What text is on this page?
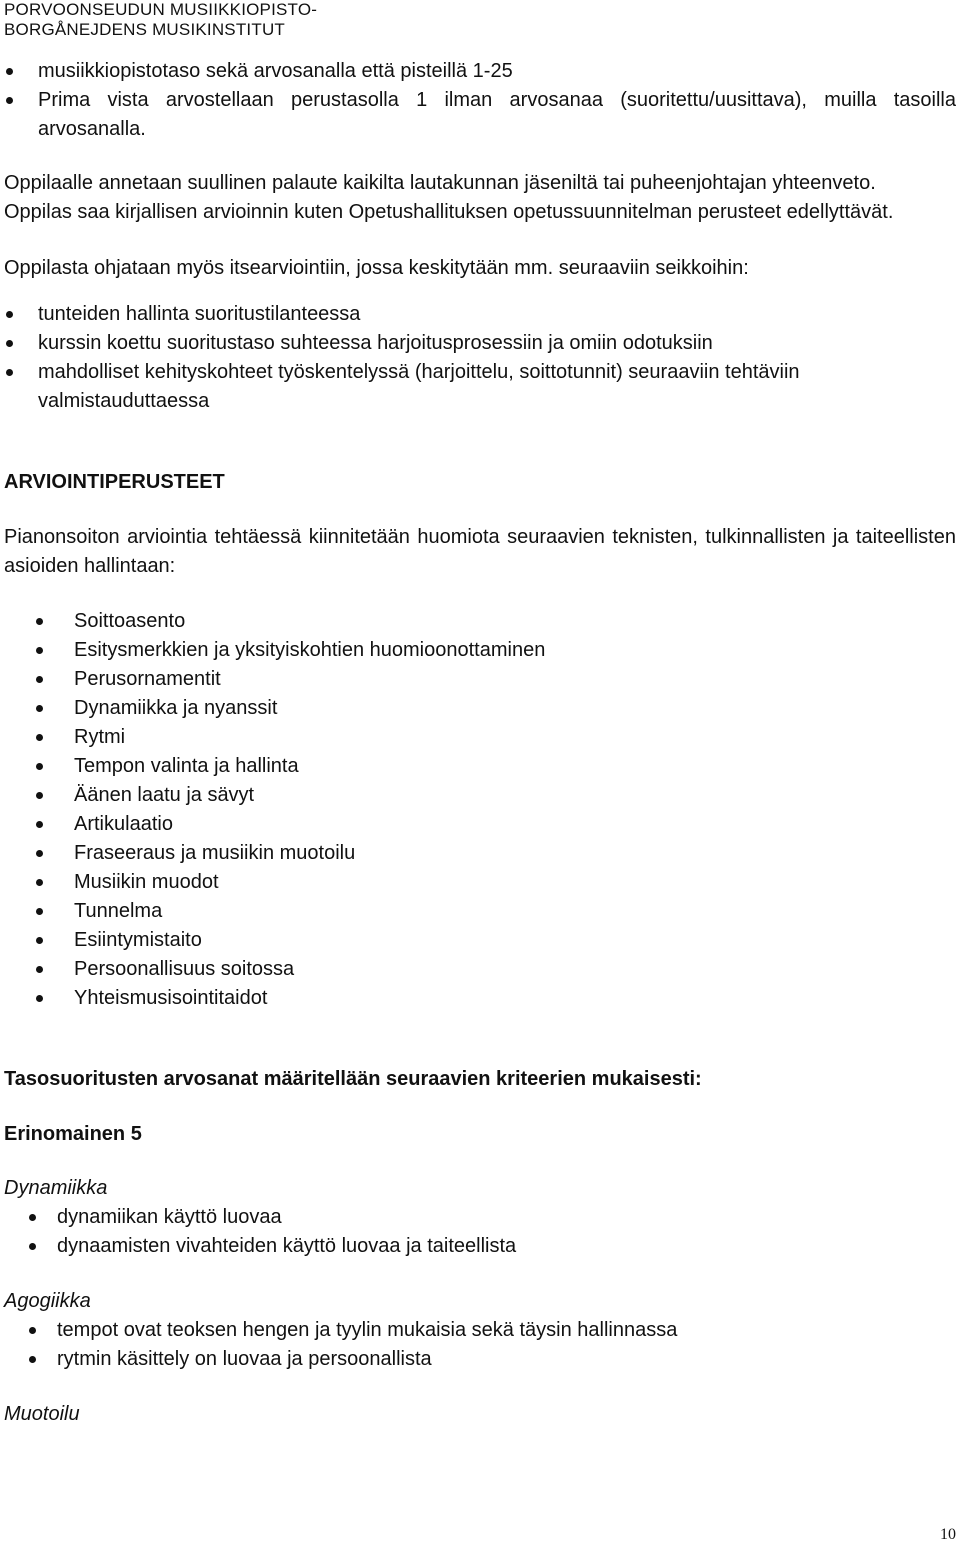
PORVOONSEUDUN MUSIIKKIOPISTO-
BORGÅNEJDENS MUSIKINSTITUT
musiikkiopistotaso sekä arvosanalla että pisteillä 1-25
Prima vista arvostellaan perustasolla 1 ilman arvosanaa (suoritettu/uusittava), muilla tasoilla arvosanalla.

Oppilaalle annetaan suullinen palaute kaikilta lautakunnan jäseniltä tai puheenjohtajan yhteenveto.

Oppilas saa kirjallisen arvioinnin kuten Opetushallituksen opetussuunnitelman perusteet edellyttävät.

Oppilasta ohjataan myös itsearviointiin, jossa keskitytään mm. seuraaviin seikkoihin:

tunteiden hallinta suoritustilanteessa
kurssin koettu suoritustaso suhteessa harjoitusprosessiin ja omiin odotuksiin
mahdolliset kehityskohteet työskentelyssä (harjoittelu, soittotunnit) seuraaviin tehtäviin valmistauduttaessa

ARVIOINTIPERUSTEET

Pianonsoiton arviointia tehtäessä kiinnitetään huomiota seuraavien teknisten, tulkinnallisten ja taiteellisten asioiden hallintaan:

Soittoasento
Esitysmerkkien ja yksityiskohtien huomioonottaminen
Perusornamentit
Dynamiikka ja nyanssit
Rytmi
Tempon valinta ja hallinta
Äänen laatu ja sävyt
Artikulaatio
Fraseeraus ja musiikin muotoilu
Musiikin muodot
Tunnelma
Esiintymistaito
Persoonallisuus soitossa
Yhteismusisointitaidot

Tasosuoritusten arvosanat määritellään seuraavien kriteerien mukaisesti:

Erinomainen 5

Dynamiikka

dynamiikan käyttö luovaa
dynaamisten vivahteiden käyttö luovaa ja taiteellista

Agogiikka

tempot ovat teoksen hengen ja tyylin mukaisia sekä täysin hallinnassa
rytmin käsittely on luovaa ja persoonallista

Muotoilu

10
